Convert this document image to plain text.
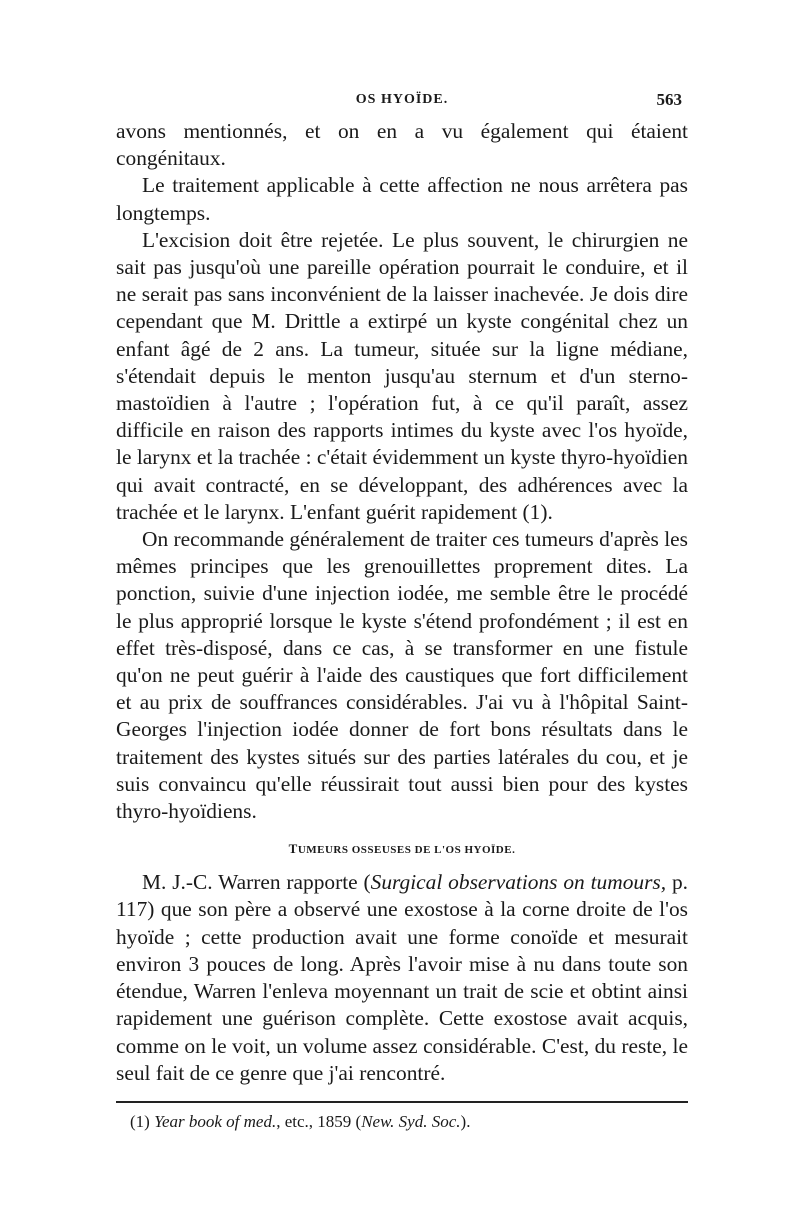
OS HYOÏDE.	563

avons mentionnés, et on en a vu également qui étaient congénitaux.

Le traitement applicable à cette affection ne nous arrêtera pas longtemps.

L'excision doit être rejetée. Le plus souvent, le chirurgien ne sait pas jusqu'où une pareille opération pourrait le conduire, et il ne serait pas sans inconvénient de la laisser inachevée. Je dois dire cependant que M. Drittle a extirpé un kyste congénital chez un enfant âgé de 2 ans. La tumeur, située sur la ligne médiane, s'étendait depuis le menton jusqu'au sternum et d'un sterno-mastoïdien à l'autre ; l'opération fut, à ce qu'il paraît, assez difficile en raison des rapports intimes du kyste avec l'os hyoïde, le larynx et la trachée : c'était évidemment un kyste thyro-hyoïdien qui avait contracté, en se développant, des adhérences avec la trachée et le larynx. L'enfant guérit rapidement (1).

On recommande généralement de traiter ces tumeurs d'après les mêmes principes que les grenouillettes proprement dites. La ponction, suivie d'une injection iodée, me semble être le procédé le plus approprié lorsque le kyste s'étend profondément ; il est en effet très-disposé, dans ce cas, à se transformer en une fistule qu'on ne peut guérir à l'aide des caustiques que fort difficilement et au prix de souffrances considérables. J'ai vu à l'hôpital Saint-Georges l'injection iodée donner de fort bons résultats dans le traitement des kystes situés sur des parties latérales du cou, et je suis convaincu qu'elle réussirait tout aussi bien pour des kystes thyro-hyoïdiens.

TUMEURS OSSEUSES DE L'OS HYOÏDE.

M. J.-C. Warren rapporte (Surgical observations on tumours, p. 117) que son père a observé une exostose à la corne droite de l'os hyoïde ; cette production avait une forme conoïde et mesurait environ 3 pouces de long. Après l'avoir mise à nu dans toute son étendue, Warren l'enleva moyennant un trait de scie et obtint ainsi rapidement une guérison complète. Cette exostose avait acquis, comme on le voit, un volume assez considérable. C'est, du reste, le seul fait de ce genre que j'ai rencontré.

(1) Year book of med., etc., 1859 (New. Syd. Soc.).
